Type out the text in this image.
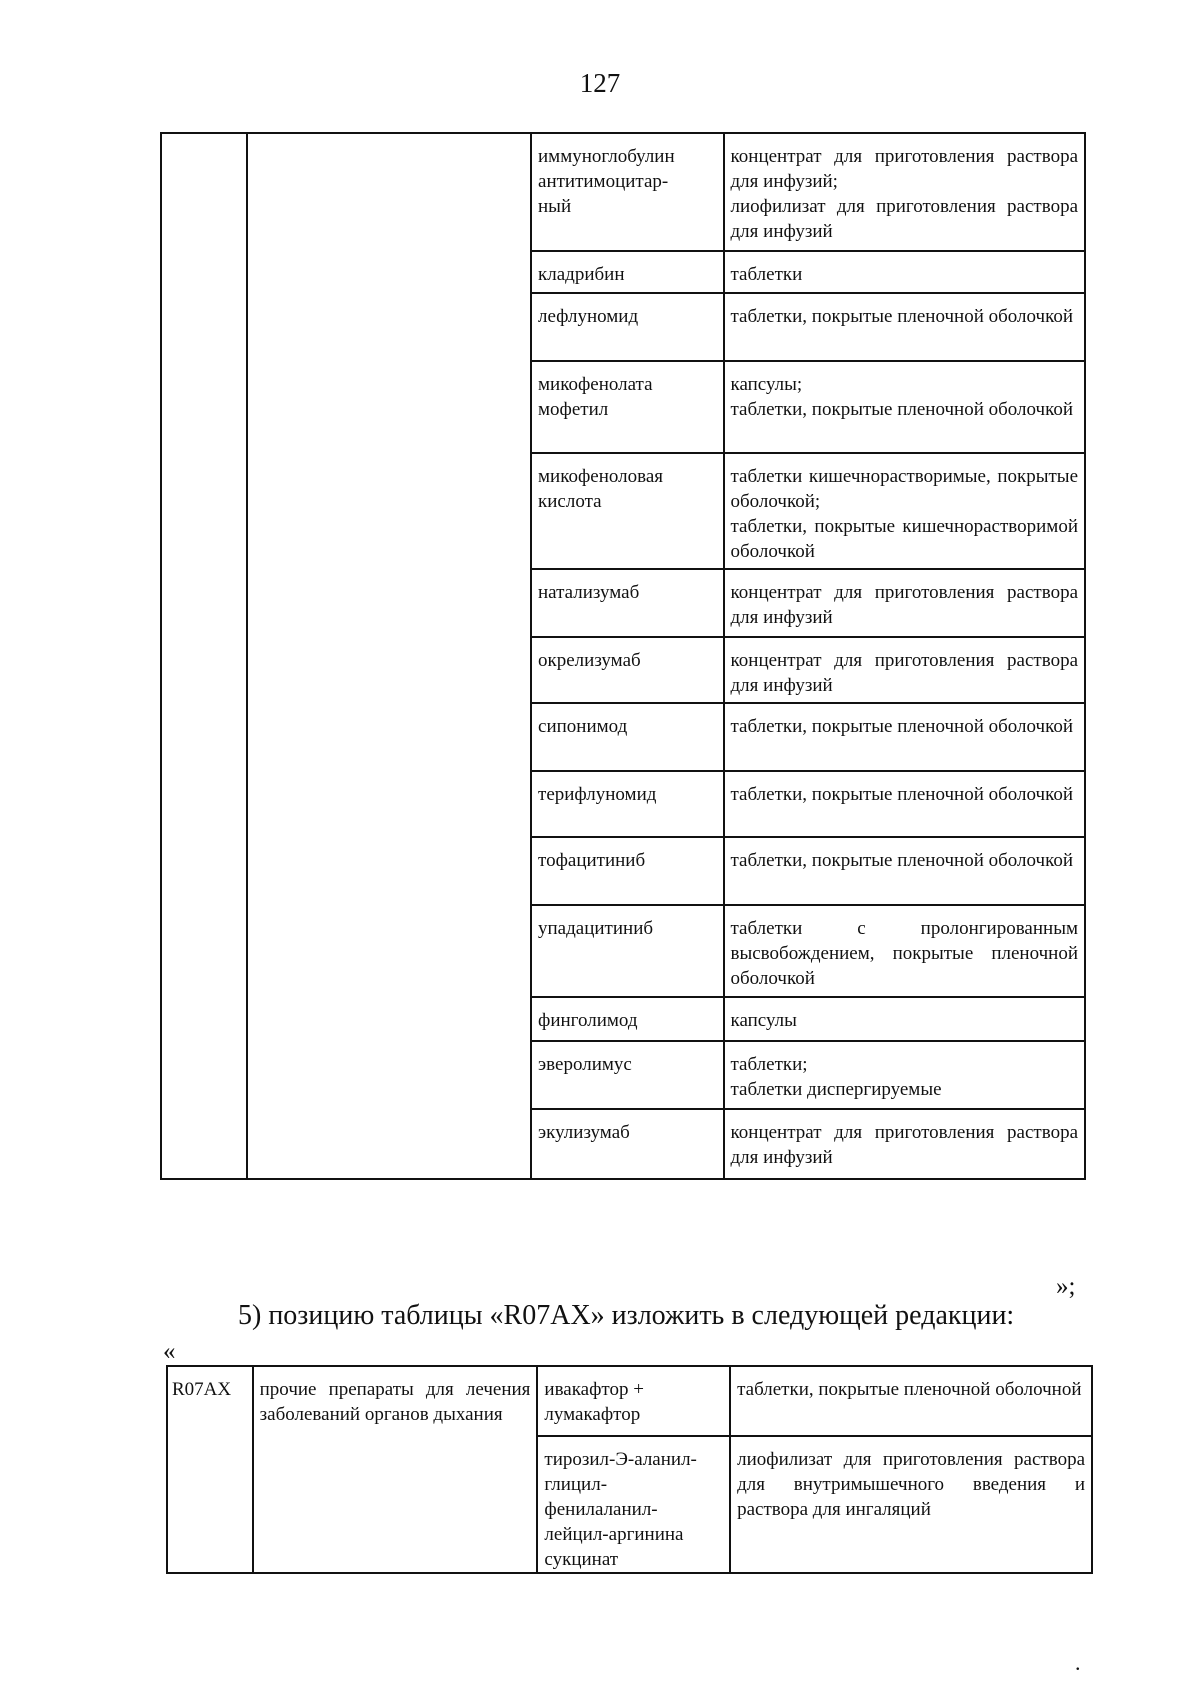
127

		иммуноглобулин
антитимоцитар-
ный	концентрат для приготовления раствора для инфузий;
лиофилизат для приготовления раствора для инфузий

		кладрибин	таблетки

		лефлуномид	таблетки, покрытые пленочной оболочкой

		микофенолата
мофетил	капсулы;
таблетки, покрытые пленочной оболочкой

		микофеноловая
кислота	таблетки кишечнорастворимые, покрытые оболочкой;
таблетки, покрытые кишечнорастворимой оболочкой

		натализумаб	концентрат для приготовления раствора для инфузий

		окрелизумаб	концентрат для приготовления раствора для инфузий

		сипонимод	таблетки, покрытые пленочной оболочкой

		терифлуномид	таблетки, покрытые пленочной оболочкой

		тофацитиниб	таблетки, покрытые пленочной оболочкой

		упадацитиниб	таблетки с пролонгированным высвобождением, покрытые пленочной оболочкой

		финголимод	капсулы

		эверолимус	таблетки;
таблетки диспергируемые

		экулизумаб	концентрат для приготовления раствора для инфузий
»;
5) позицию таблицы «R07AX» изложить в следующей редакции:
«
R07AX	прочие препараты для лечения заболеваний органов дыхания	ивакафтор +
лумакафтор	таблетки, покрытые пленочной оболочной

		тирозил-Э-аланил-
глицил-
фенилаланил-
лейцил-аргинина
сукцинат	лиофилизат для приготовления раствора для внутримышечного введения и раствора для ингаляций
.
